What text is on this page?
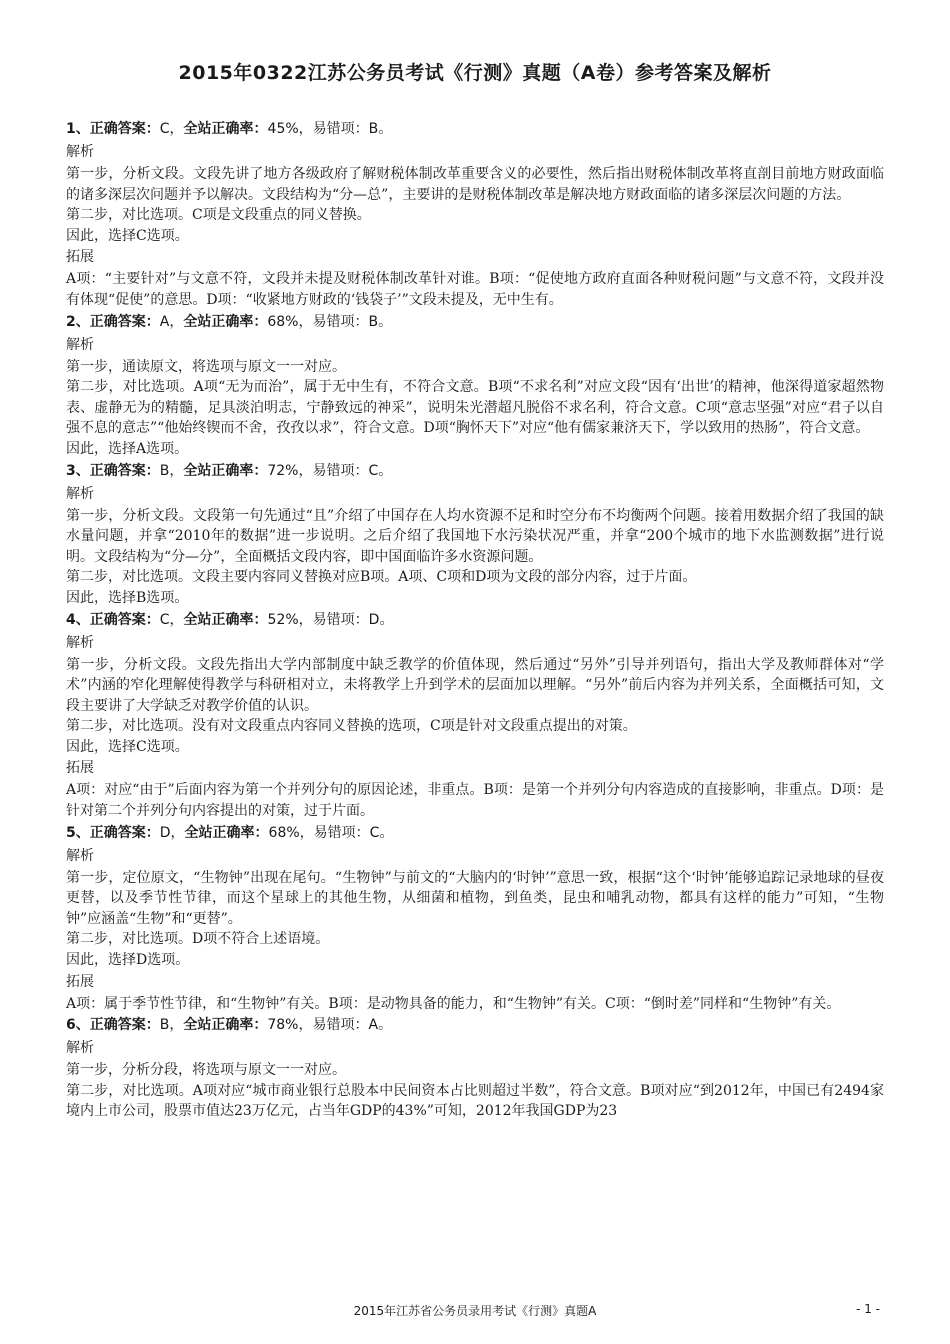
2015年0322江苏公务员考试《行测》真题（A卷）参考答案及解析
1、正确答案：C，全站正确率：45%，易错项：B。

解析

第一步，分析文段。文段先讲了地方各级政府了解财税体制改革重要含义的必要性，然后指出财税体制改革将直剖目前地方财政面临的诸多深层次问题并予以解决。文段结构为“分—总”，主要讲的是财税体制改革是解决地方财政面临的诸多深层次问题的方法。

第二步，对比选项。C项是文段重点的同义替换。

因此，选择C选项。

拓展

A项：“主要针对”与文意不符，文段并未提及财税体制改革针对谁。B项：“促使地方政府直面各种财税问题”与文意不符，文段并没有体现“促使”的意思。D项：“收紧地方财政的‘钱袋子’”文段未提及，无中生有。

2、正确答案：A，全站正确率：68%，易错项：B。

解析

第一步，通读原文，将选项与原文一一对应。

第二步，对比选项。A项“无为而治”，属于无中生有，不符合文意。B项“不求名利”对应文段“因有‘出世’的精神，他深得道家超然物表、虚静无为的精髓，足具淡泊明志，宁静致远的神采”，说明朱光潜超凡脱俗不求名利，符合文意。C项“意志坚强”对应“君子以自强不息的意志”“他始终锲而不舍，孜孜以求”，符合文意。D项“胸怀天下”对应“他有儒家兼济天下，学以致用的热肠”，符合文意。

因此，选择A选项。

3、正确答案：B，全站正确率：72%，易错项：C。

解析

第一步，分析文段。文段第一句先通过“且”介绍了中国存在人均水资源不足和时空分布不均衡两个问题。接着用数据介绍了我国的缺水量问题，并拿“2010年的数据”进一步说明。之后介绍了我国地下水污染状况严重，并拿“200个城市的地下水监测数据”进行说明。文段结构为“分—分”，全面概括文段内容，即中国面临许多水资源问题。

第二步，对比选项。文段主要内容同义替换对应B项。A项、C项和D项为文段的部分内容，过于片面。

因此，选择B选项。

4、正确答案：C，全站正确率：52%，易错项：D。

解析

第一步，分析文段。文段先指出大学内部制度中缺乏教学的价值体现，然后通过“另外”引导并列语句，指出大学及教师群体对“学术”内涵的窄化理解使得教学与科研相对立，未将教学上升到学术的层面加以理解。“另外”前后内容为并列关系，全面概括可知，文段主要讲了大学缺乏对教学价值的认识。

第二步，对比选项。没有对文段重点内容同义替换的选项，C项是针对文段重点提出的对策。

因此，选择C选项。

拓展

A项：对应“由于”后面内容为第一个并列分句的原因论述，非重点。B项：是第一个并列分句内容造成的直接影响，非重点。D项：是针对第二个并列分句内容提出的对策，过于片面。

5、正确答案：D，全站正确率：68%，易错项：C。

解析

第一步，定位原文，“生物钟”出现在尾句。“生物钟”与前文的“大脑内的‘时钟’”意思一致，根据“这个‘时钟’能够追踪记录地球的昼夜更替，以及季节性节律，而这个星球上的其他生物，从细菌和植物，到鱼类，昆虫和哺乳动物，都具有这样的能力”可知，“生物钟”应涵盖“生物”和“更替”。

第二步，对比选项。D项不符合上述语境。

因此，选择D选项。

拓展

A项：属于季节性节律，和“生物钟”有关。B项：是动物具备的能力，和“生物钟”有关。C项：“倒时差”同样和“生物钟”有关。

6、正确答案：B，全站正确率：78%，易错项：A。

解析

第一步，分析分段，将选项与原文一一对应。

第二步，对比选项。A项对应“城市商业银行总股本中民间资本占比则超过半数”，符合文意。B项对应“到2012年，中国已有2494家境内上市公司，股票市值达23万亿元，占当年GDP的43%”可知，2012年我国GDP为23

2015年江苏省公务员录用考试《行测》真题A	- 1 -
